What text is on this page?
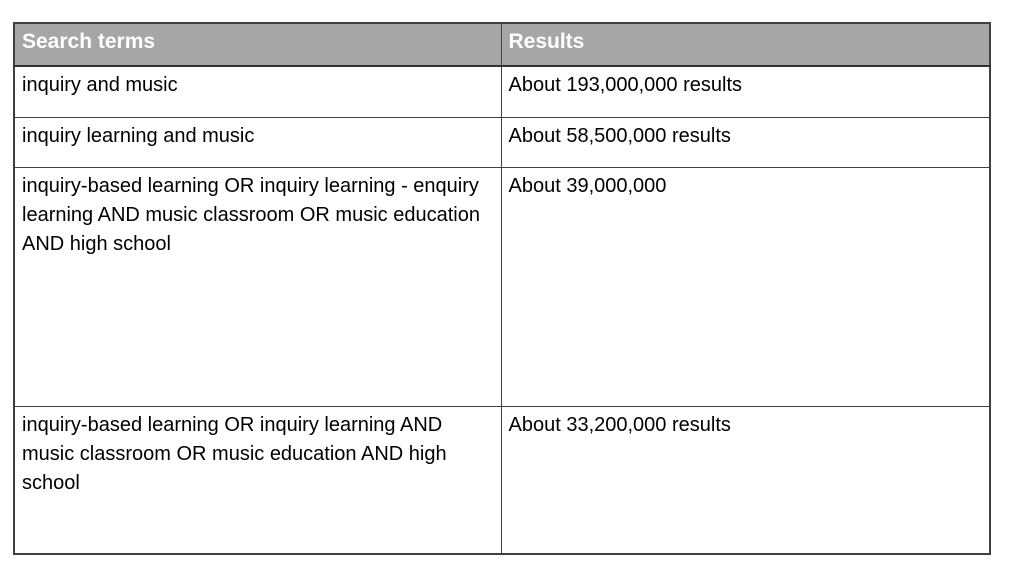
Search terms	Results
inquiry and music	About 193,000,000 results
inquiry learning and music	About 58,500,000 results
inquiry-based learning OR inquiry learning - enquiry learning AND music classroom OR music education AND high school	About 39,000,000
inquiry-based learning OR inquiry learning AND music classroom OR music education AND high school	About 33,200,000 results
